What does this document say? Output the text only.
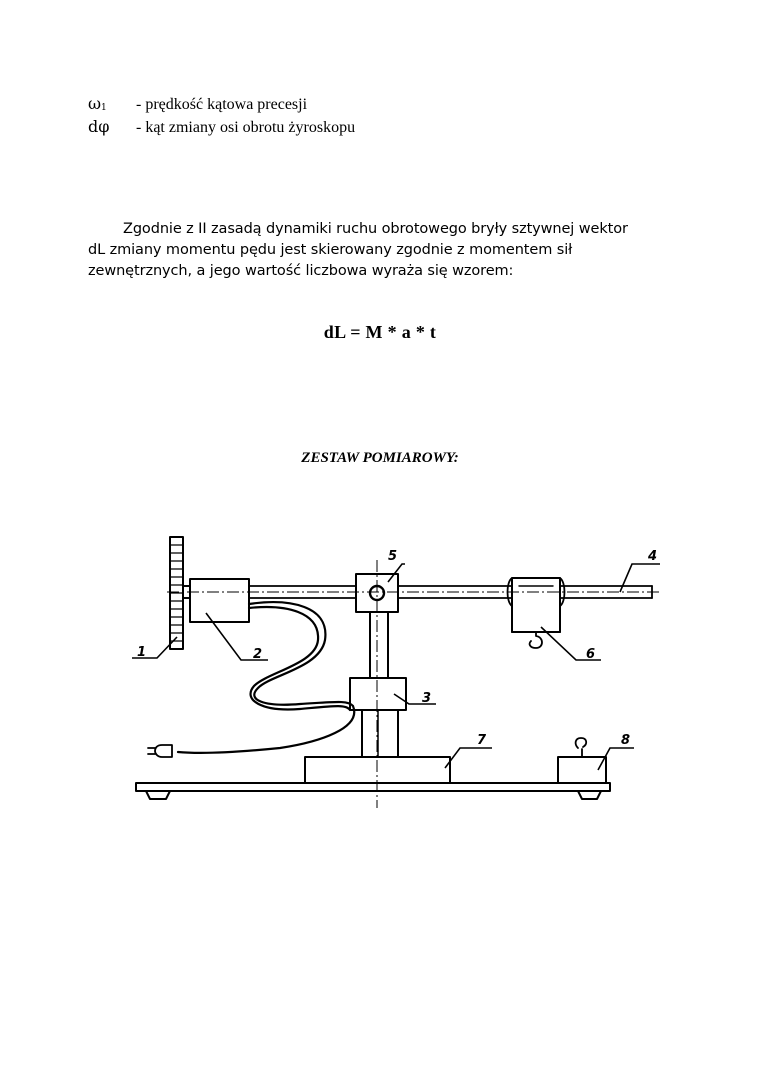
$\omega_1$ - prędkość kątowa precesji
dφ - kąt zmiany osi obrotu żyroskopu
Zgodnie z II zasadą dynamiki ruchu obrotowego bryły sztywnej wektor
dL zmiany momentu pędu jest skierowany zgodnie z momentem sił
zewnętrznych, a jego wartość liczbowa wyraża się wzorem:
dL = M * a * t
ZESTAW POMIAROWY:
1	2
3
4
5
6
7	8
